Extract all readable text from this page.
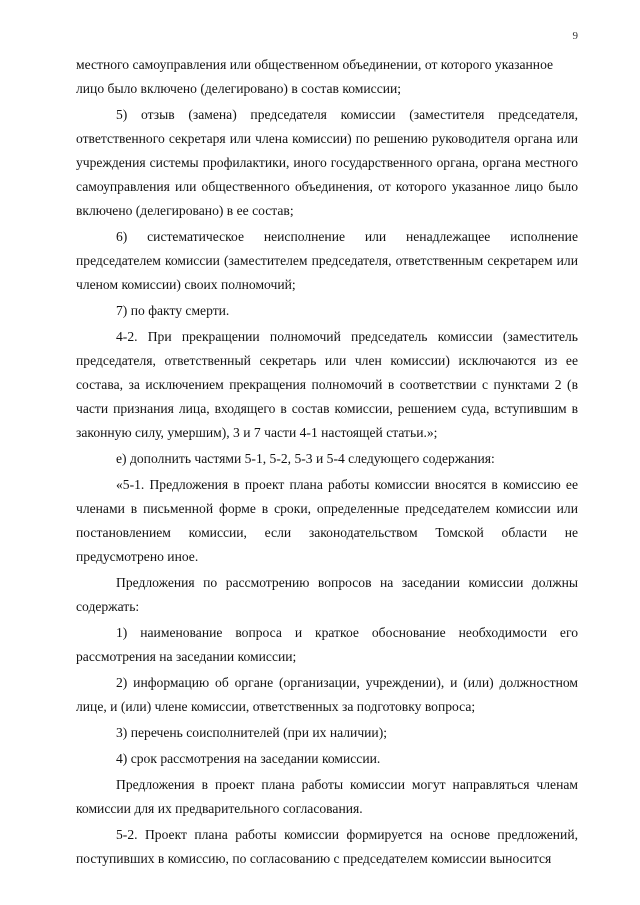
9

местного самоуправления или общественном объединении, от которого указанное лицо было включено (делегировано) в состав комиссии;

5) отзыв (замена) председателя комиссии (заместителя председателя, ответственного секретаря или члена комиссии) по решению руководителя органа или учреждения системы профилактики, иного государственного органа, органа местного самоуправления или общественного объединения, от которого указанное лицо было включено (делегировано) в ее состав;

6) систематическое неисполнение или ненадлежащее исполнение председателем комиссии (заместителем председателя, ответственным секретарем или членом комиссии) своих полномочий;

7) по факту смерти.

4-2. При прекращении полномочий председатель комиссии (заместитель председателя, ответственный секретарь или член комиссии) исключаются из ее состава, за исключением прекращения полномочий в соответствии с пунктами 2 (в части признания лица, входящего в состав комиссии, решением суда, вступившим в законную силу, умершим), 3 и 7 части 4-1 настоящей статьи.»;

е) дополнить частями 5-1, 5-2, 5-3 и 5-4 следующего содержания:

«5-1. Предложения в проект плана работы комиссии вносятся в комиссию ее членами в письменной форме в сроки, определенные председателем комиссии или постановлением комиссии, если законодательством Томской области не предусмотрено иное.

Предложения по рассмотрению вопросов на заседании комиссии должны содержать:

1) наименование вопроса и краткое обоснование необходимости его рассмотрения на заседании комиссии;

2) информацию об органе (организации, учреждении), и (или) должностном лице, и (или) члене комиссии, ответственных за подготовку вопроса;

3) перечень соисполнителей (при их наличии);

4) срок рассмотрения на заседании комиссии.

Предложения в проект плана работы комиссии могут направляться членам комиссии для их предварительного согласования.

5-2. Проект плана работы комиссии формируется на основе предложений, поступивших в комиссию, по согласованию с председателем комиссии выносится
